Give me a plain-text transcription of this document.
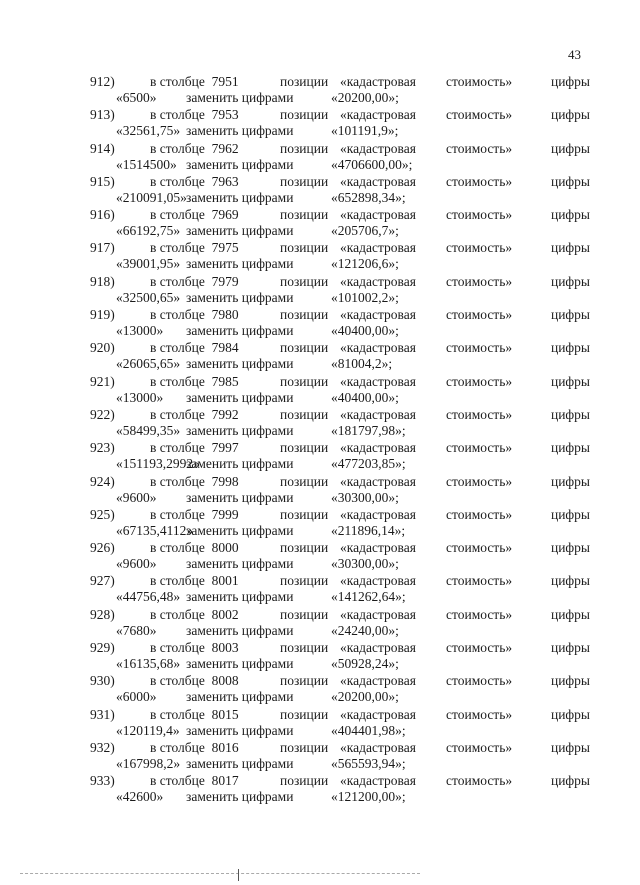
43
912)	в столбце 7951	позиции «кадастровая стоимость»	цифры
«6500» заменить цифрами	«20200,00»;
913)	в столбце 7953	позиции «кадастровая стоимость»	цифры
«32561,75» заменить цифрами	«101191,9»;
914)	в столбце 7962	позиции «кадастровая стоимость»	цифры
«1514500» заменить цифрами	«4706600,00»;
915)	в столбце 7963	позиции «кадастровая стоимость»	цифры
«210091,05» заменить цифрами	«652898,34»;
916)	в столбце 7969	позиции «кадастровая стоимость»	цифры
«66192,75» заменить цифрами	«205706,7»;
917)	в столбце 7975	позиции «кадастровая стоимость»	цифры
«39001,95» заменить цифрами	«121206,6»;
918)	в столбце 7979	позиции «кадастровая стоимость»	цифры
«32500,65» заменить цифрами	«101002,2»;
919)	в столбце 7980	позиции «кадастровая стоимость»	цифры
«13000» заменить цифрами	«40400,00»;
920)	в столбце 7984	позиции «кадастровая стоимость»	цифры
«26065,65» заменить цифрами	«81004,2»;
921)	в столбце 7985	позиции «кадастровая стоимость»	цифры
«13000» заменить цифрами	«40400,00»;
922)	в столбце 7992	позиции «кадастровая стоимость»	цифры
«58499,35» заменить цифрами	«181797,98»;
923)	в столбце 7997	позиции «кадастровая стоимость»	цифры
«151193,2992»
заменить цифрами	«477203,85»;
924)	в столбце 7998	позиции «кадастровая стоимость»	цифры
«9600» заменить цифрами	«30300,00»;
925)	в столбце 7999	позиции «кадастровая стоимость»	цифры
«67135,4112»
заменить цифрами	«211896,14»;
926)	в столбце 8000	позиции «кадастровая стоимость»	цифры
«9600» заменить цифрами	«30300,00»;
927)	в столбце 8001	позиции «кадастровая стоимость»	цифры
«44756,48» заменить цифрами	«141262,64»;
928)	в столбце 8002	позиции «кадастровая стоимость»	цифры
«7680» заменить цифрами	«24240,00»;
929)	в столбце 8003	позиции «кадастровая стоимость»	цифры
«16135,68» заменить цифрами	«50928,24»;
930)	в столбце 8008	позиции «кадастровая стоимость»	цифры
«6000» заменить цифрами	«20200,00»;
931)	в столбце 8015	позиции «кадастровая стоимость»	цифры
«120119,4» заменить цифрами	«404401,98»;
932)	в столбце 8016	позиции «кадастровая стоимость»	цифры
«167998,2» заменить цифрами	«565593,94»;
933)	в столбце 8017	позиции «кадастровая стоимость»	цифры
«42600» заменить цифрами	«121200,00»;
